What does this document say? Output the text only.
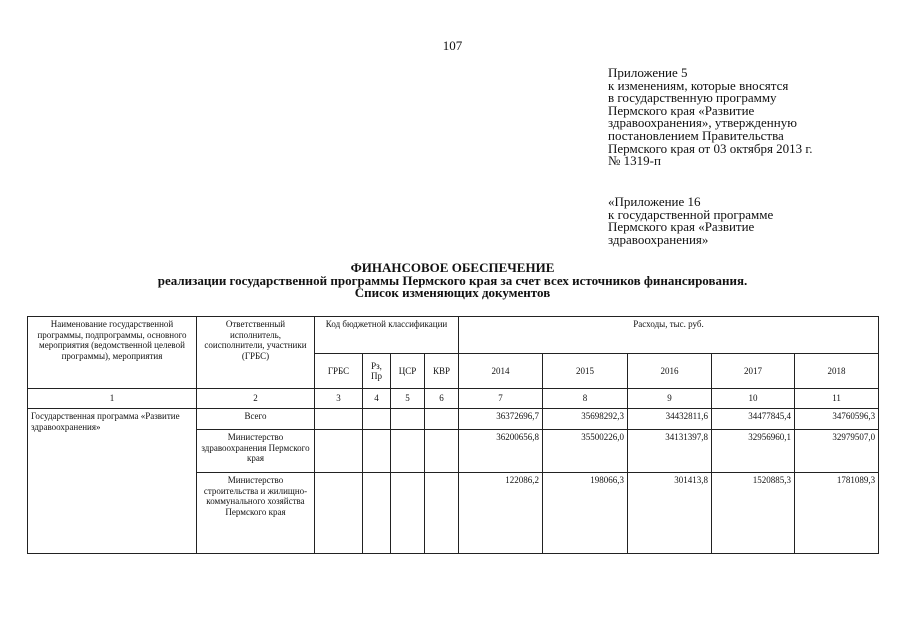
107
Приложение 5
к изменениям, которые вносятся
в государственную программу
Пермского края «Развитие
здравоохранения», утвержденную
постановлением Правительства
Пермского края от 03 октября 2013 г.
№ 1319-п
«Приложение 16
к государственной программе
Пермского края «Развитие
здравоохранения»
ФИНАНСОВОЕ ОБЕСПЕЧЕНИЕ
реализации государственной программы Пермского края за счет всех источников финансирования.
Список изменяющих документов
Наименование государственной программы, подпрограммы, основного мероприятия (ведомственной целевой программы), мероприятия	Ответственный исполнитель, соисполнители, участники (ГРБС)	Код бюджетной классификации				Расходы, тыс. руб.				
		ГРБС	Рз, Пр	ЦСР	КВР	2014	2015	2016	2017	2018
1	2	3	4	5	6	7	8	9	10	11
Государственная программа «Развитие здравоохранения»	Всего					36372696,7	35698292,3	34432811,6	34477845,4	34760596,3
	Министерство здравоохранения Пермского края					36200656,8	35500226,0	34131397,8	32956960,1	32979507,0
	Министерство строительства и жилищно-коммунального хозяйства Пермского края					122086,2	198066,3	301413,8	1520885,3	1781089,3
